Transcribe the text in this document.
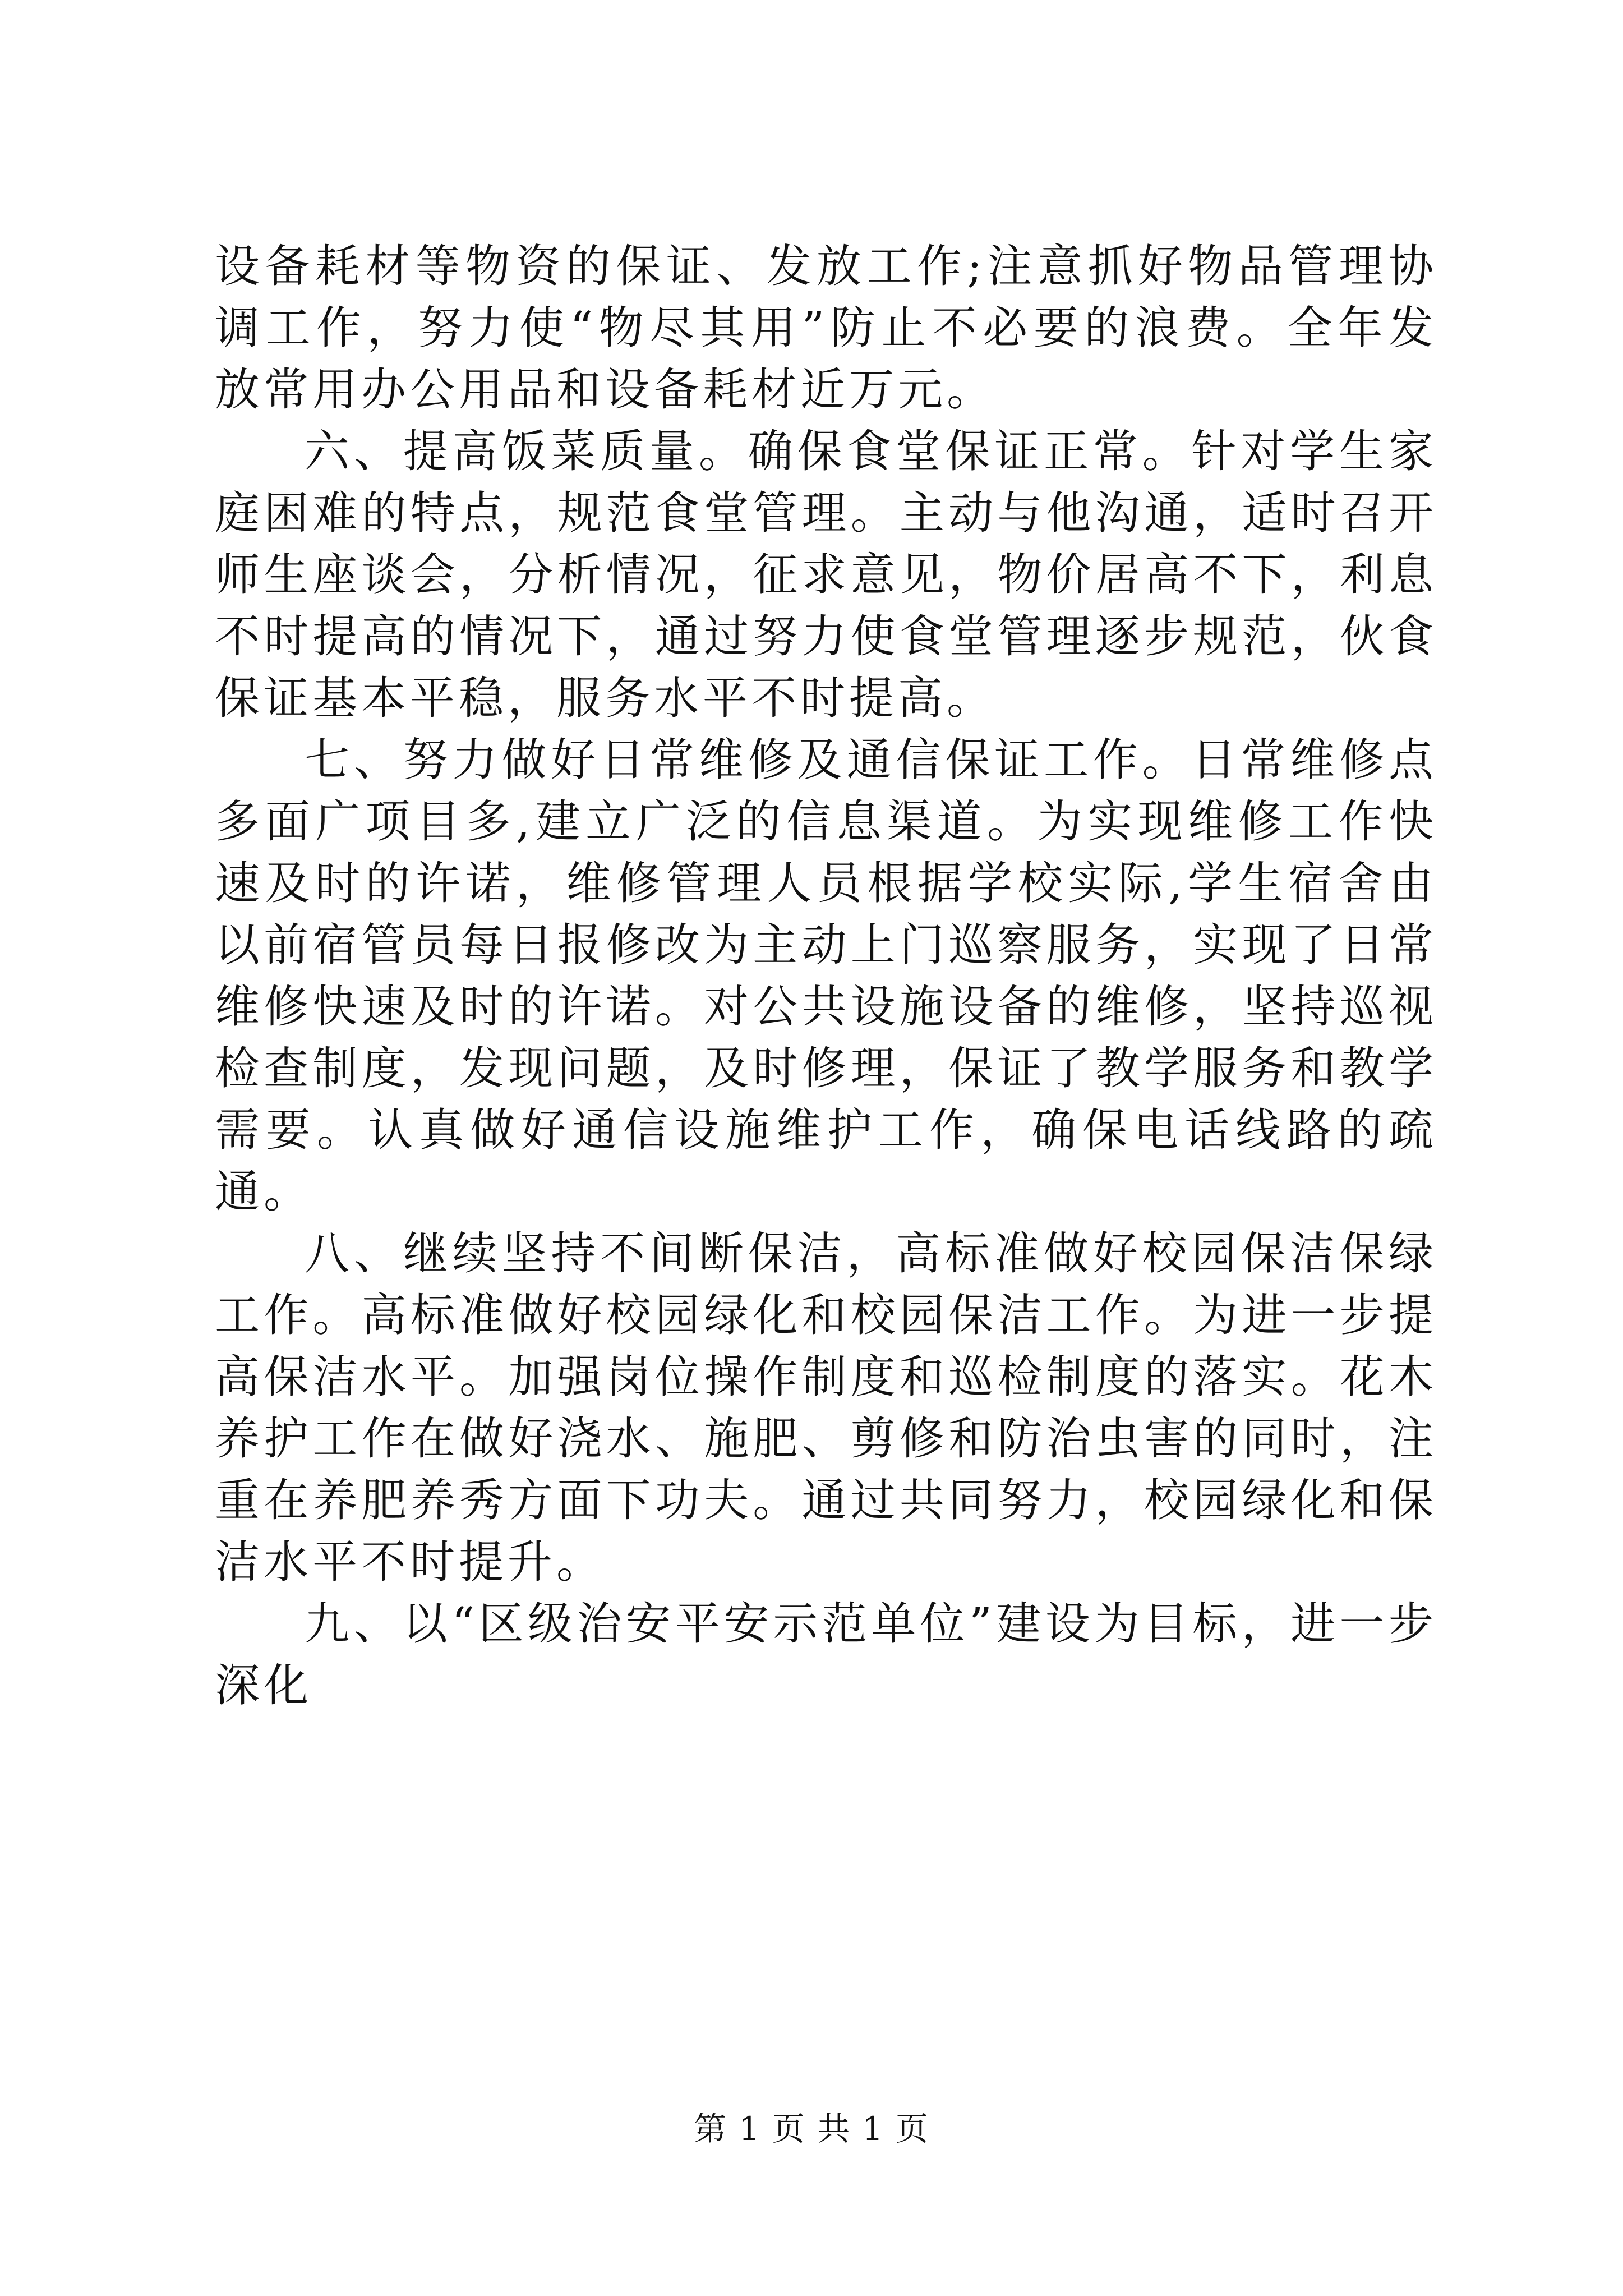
设备耗材等物资的保证、发放工作;注意抓好物品管理协调工作，努力使“物尽其用”防止不必要的浪费。全年发放常用办公用品和设备耗材近万元。

六、提高饭菜质量。确保食堂保证正常。针对学生家庭困难的特点，规范食堂管理。主动与他沟通，适时召开师生座谈会，分析情况，征求意见，物价居高不下，利息不时提高的情况下，通过努力使食堂管理逐步规范，伙食保证基本平稳，服务水平不时提高。

七、努力做好日常维修及通信保证工作。日常维修点多面广项目多,建立广泛的信息渠道。为实现维修工作快速及时的许诺，维修管理人员根据学校实际,学生宿舍由以前宿管员每日报修改为主动上门巡察服务，实现了日常维修快速及时的许诺。对公共设施设备的维修，坚持巡视检查制度，发现问题，及时修理，保证了教学服务和教学需要。认真做好通信设施维护工作，确保电话线路的疏通。

八、继续坚持不间断保洁，高标准做好校园保洁保绿工作。高标准做好校园绿化和校园保洁工作。为进一步提高保洁水平。加强岗位操作制度和巡检制度的落实。花木养护工作在做好浇水、施肥、剪修和防治虫害的同时，注重在养肥养秀方面下功夫。通过共同努力，校园绿化和保洁水平不时提升。

九、以“区级治安平安示范单位”建设为目标，进一步深化

第 1 页 共 1 页
